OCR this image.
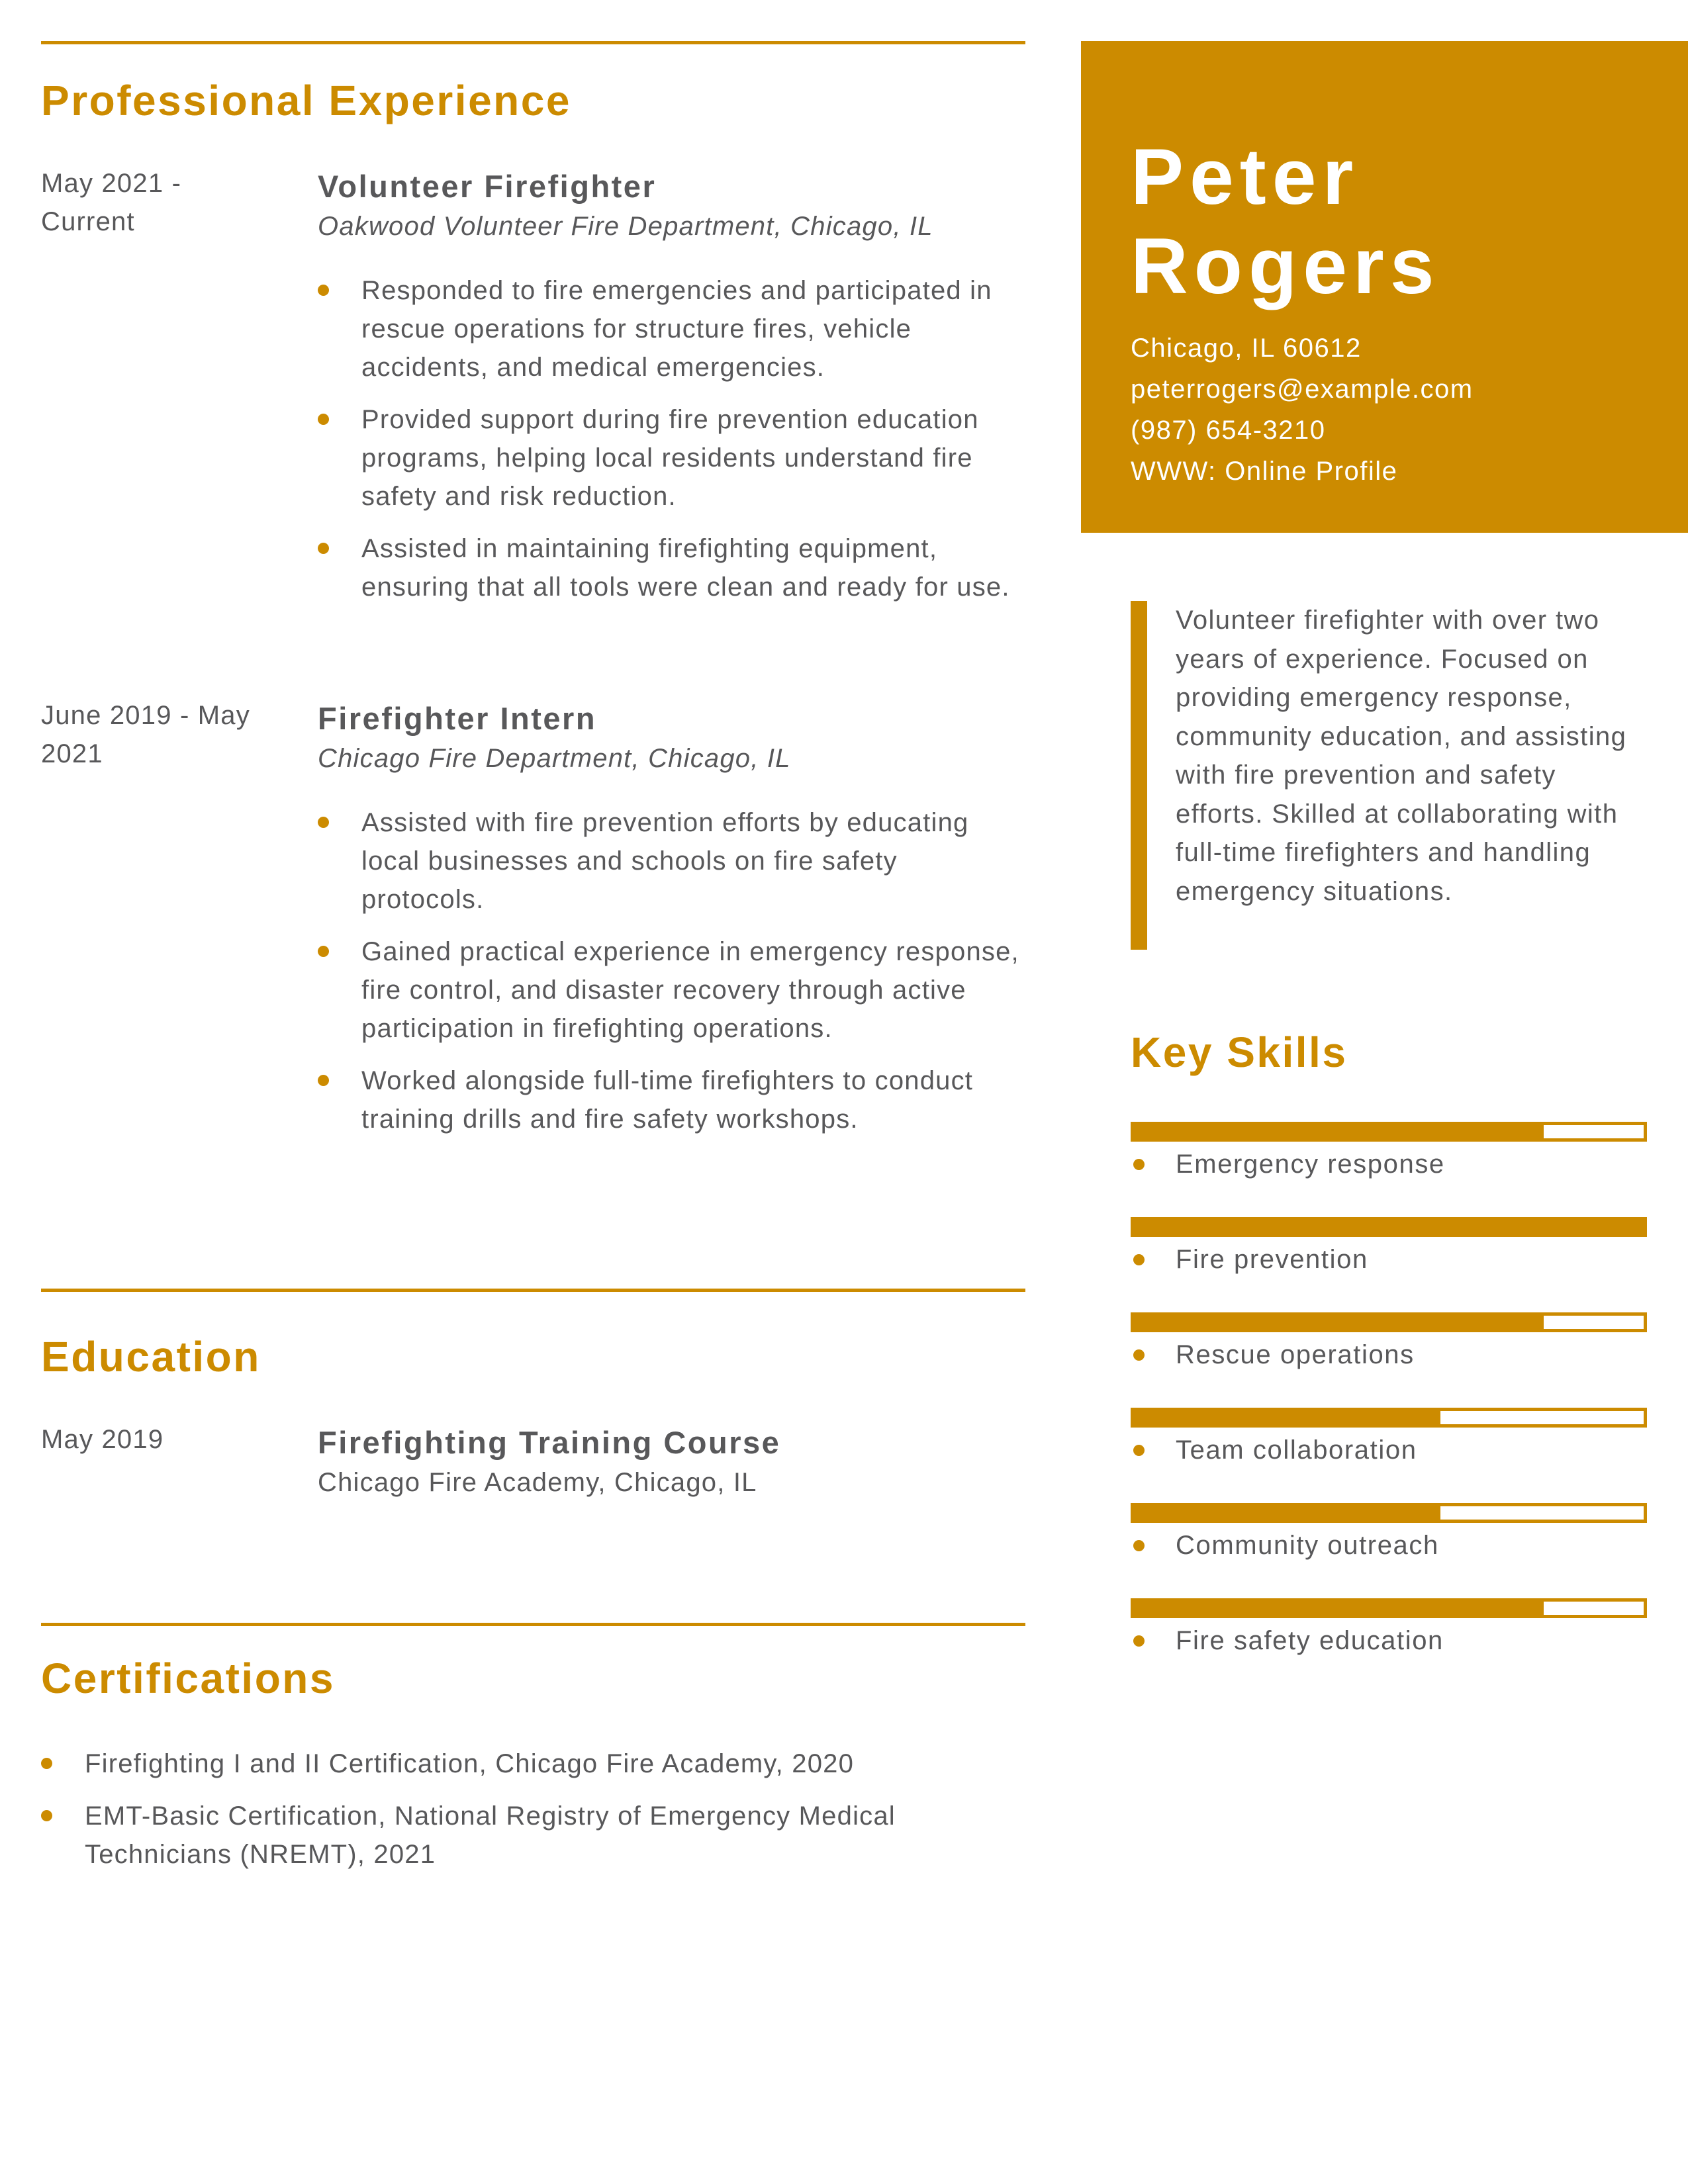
Professional Experience
May 2021 - Current
Volunteer Firefighter
Oakwood Volunteer Fire Department, Chicago, IL
Responded to fire emergencies and participated in rescue operations for structure fires, vehicle accidents, and medical emergencies.
Provided support during fire prevention education programs, helping local residents understand fire safety and risk reduction.
Assisted in maintaining firefighting equipment, ensuring that all tools were clean and ready for use.
June 2019 - May 2021
Firefighter Intern
Chicago Fire Department, Chicago, IL
Assisted with fire prevention efforts by educating local businesses and schools on fire safety protocols.
Gained practical experience in emergency response, fire control, and disaster recovery through active participation in firefighting operations.
Worked alongside full-time firefighters to conduct training drills and fire safety workshops.
Education
May 2019	Firefighting Training Course
Chicago Fire Academy, Chicago, IL
Certifications
Firefighting I and II Certification, Chicago Fire Academy, 2020
EMT-Basic Certification, National Registry of Emergency Medical Technicians (NREMT), 2021
Peter
Rogers
Chicago, IL 60612
peterrogers@example.com
(987) 654-3210
WWW: Online Profile
Volunteer firefighter with over two years of experience. Focused on providing emergency response, community education, and assisting with fire prevention and safety efforts. Skilled at collaborating with full-time firefighters and handling emergency situations.
Key Skills
Emergency response
Fire prevention
Rescue operations
Team collaboration
Community outreach
Fire safety education
